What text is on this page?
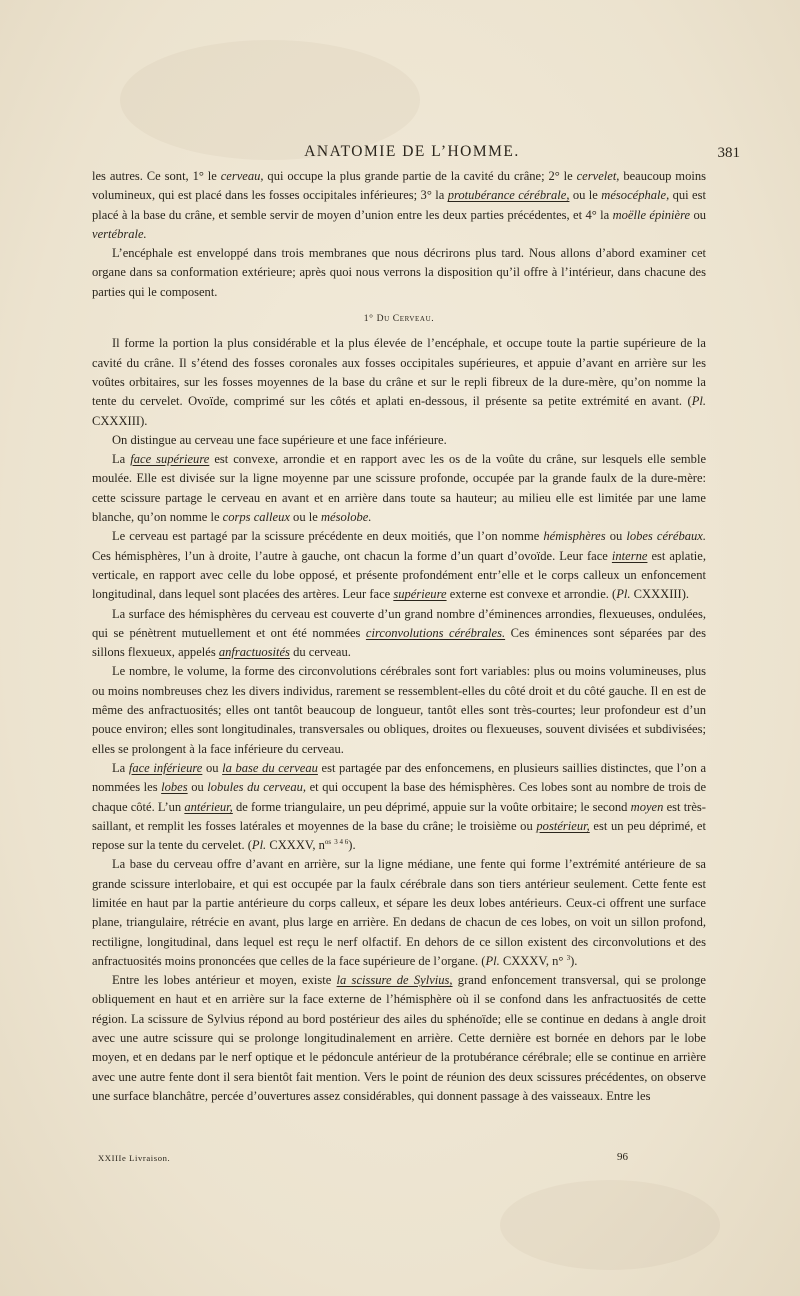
ANATOMIE DE L’HOMME.	381

les autres. Ce sont, 1° le cerveau, qui occupe la plus grande partie de la cavité du crâne; 2° le cervelet, beaucoup moins volumineux, qui est placé dans les fosses occipitales inférieures; 3° la protubérance cérébrale, ou le mésocéphale, qui est placé à la base du crâne, et semble servir de moyen d’union entre les deux parties précédentes, et 4° la moëlle épinière ou vertébrale.

L’encéphale est enveloppé dans trois membranes que nous décrirons plus tard. Nous allons d’abord examiner cet organe dans sa conformation extérieure; après quoi nous verrons la disposition qu’il offre à l’intérieur, dans chacune des parties qui le composent.

1° Du Cerveau.

Il forme la portion la plus considérable et la plus élevée de l’encéphale, et occupe toute la partie supérieure de la cavité du crâne. Il s’étend des fosses coronales aux fosses occipitales supérieures, et appuie d’avant en arrière sur les voûtes orbitaires, sur les fosses moyennes de la base du crâne et sur le repli fibreux de la dure-mère, qu’on nomme la tente du cervelet. Ovoïde, comprimé sur les côtés et aplati en-dessous, il présente sa petite extrémité en avant. (Pl. CXXXIII).

On distingue au cerveau une face supérieure et une face inférieure.

La face supérieure est convexe, arrondie et en rapport avec les os de la voûte du crâne, sur lesquels elle semble moulée. Elle est divisée sur la ligne moyenne par une scissure profonde, occupée par la grande faulx de la dure-mère: cette scissure partage le cerveau en avant et en arrière dans toute sa hauteur; au milieu elle est limitée par une lame blanche, qu’on nomme le corps calleux ou le mésolobe.

Le cerveau est partagé par la scissure précédente en deux moitiés, que l’on nomme hémisphères ou lobes cérébaux. Ces hémisphères, l’un à droite, l’autre à gauche, ont chacun la forme d’un quart d’ovoïde. Leur face interne est aplatie, verticale, en rapport avec celle du lobe opposé, et présente profondément entr’elle et le corps calleux un enfoncement longitudinal, dans lequel sont placées des artères. Leur face supérieure externe est convexe et arrondie. (Pl. CXXXIII).

La surface des hémisphères du cerveau est couverte d’un grand nombre d’éminences arrondies, flexueuses, ondulées, qui se pénètrent mutuellement et ont été nommées circonvolutions cérébrales. Ces éminences sont séparées par des sillons flexueux, appelés anfractuosités du cerveau.

Le nombre, le volume, la forme des circonvolutions cérébrales sont fort variables: plus ou moins volumineuses, plus ou moins nombreuses chez les divers individus, rarement se ressemblent-elles du côté droit et du côté gauche. Il en est de même des anfractuosités; elles ont tantôt beaucoup de longueur, tantôt elles sont très-courtes; leur profondeur est d’un pouce environ; elles sont longitudinales, transversales ou obliques, droites ou flexueuses, souvent divisées et subdivisées; elles se prolongent à la face inférieure du cerveau.

La face inférieure ou la base du cerveau est partagée par des enfoncemens, en plusieurs saillies distinctes, que l’on a nommées les lobes ou lobules du cerveau, et qui occupent la base des hémisphères. Ces lobes sont au nombre de trois de chaque côté. L’un antérieur, de forme triangulaire, un peu déprimé, appuie sur la voûte orbitaire; le second moyen est très-saillant, et remplit les fosses latérales et moyennes de la base du crâne; le troisième ou postérieur, est un peu déprimé, et repose sur la tente du cervelet. (Pl. CXXXV, $n^{os}$ $^{3 4 6}$).

La base du cerveau offre d’avant en arrière, sur la ligne médiane, une fente qui forme l’extrémité antérieure de sa grande scissure interlobaire, et qui est occupée par la faulx cérébrale dans son tiers antérieur seulement. Cette fente est limitée en haut par la partie antérieure du corps calleux, et sépare les deux lobes antérieurs. Ceux-ci offrent une surface plane, triangulaire, rétrécie en avant, plus large en arrière. En dedans de chacun de ces lobes, on voit un sillon profond, rectiligne, longitudinal, dans lequel est reçu le nerf olfactif. En dehors de ce sillon existent des circonvolutions et des anfractuosités moins prononcées que celles de la face supérieure de l’organe. (Pl. CXXXV, n° $^3$).

Entre les lobes antérieur et moyen, existe la scissure de Sylvius, grand enfoncement transversal, qui se prolonge obliquement en haut et en arrière sur la face externe de l’hémisphère où il se confond dans les anfractuosités de cette région. La scissure de Sylvius répond au bord postérieur des ailes du sphénoïde; elle se continue en dedans à angle droit avec une autre scissure qui se prolonge longitudinalement en arrière. Cette dernière est bornée en dehors par le lobe moyen, et en dedans par le nerf optique et le pédoncule antérieur de la protubérance cérébrale; elle se continue en arrière avec une autre fente dont il sera bientôt fait mention. Vers le point de réunion des deux scissures précédentes, on observe une surface blanchâtre, percée d’ouvertures assez considérables, qui donnent passage à des vaisseaux. Entre les

XXIIIe Livraison.	96
